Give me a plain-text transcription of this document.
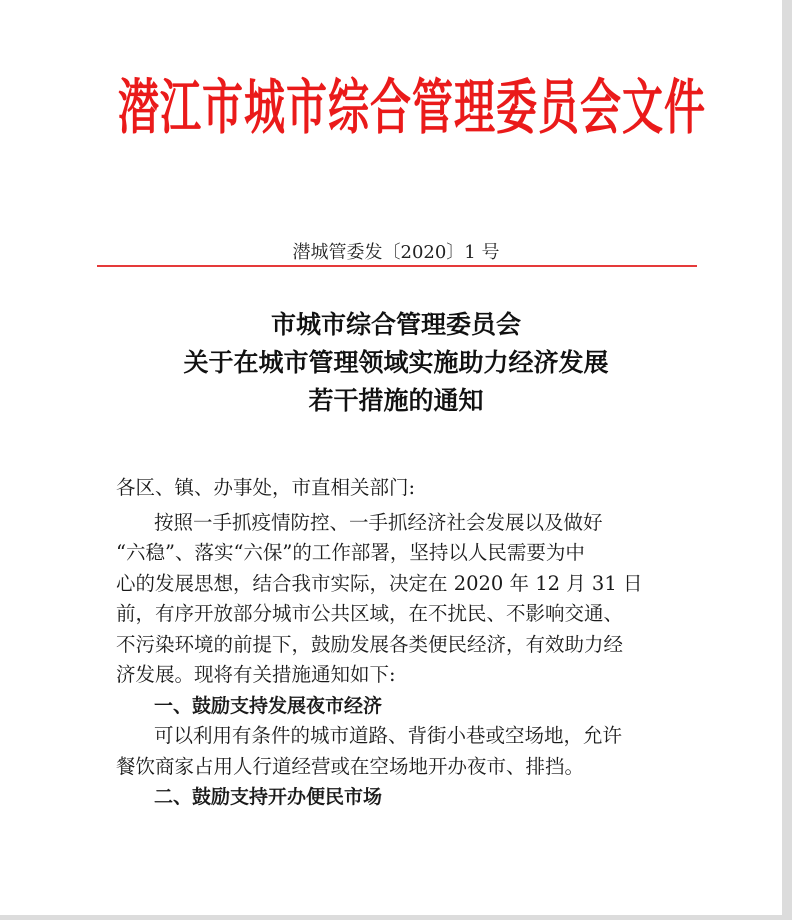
潜江市城市综合管理委员会文件
潜城管委发〔2020〕1 号
市城市综合管理委员会
关于在城市管理领域实施助力经济发展
若干措施的通知
各区、镇、办事处，市直相关部门:
按照一手抓疫情防控、一手抓经济社会发展以及做好
“六稳”、落实“六保”的工作部署，坚持以人民需要为中
心的发展思想，结合我市实际，决定在 2020 年 12 月 31 日
前，有序开放部分城市公共区域，在不扰民、不影响交通、
不污染环境的前提下，鼓励发展各类便民经济，有效助力经
济发展。现将有关措施通知如下:
一、鼓励支持发展夜市经济
可以利用有条件的城市道路、背街小巷或空场地，允许
餐饮商家占用人行道经营或在空场地开办夜市、排挡。
二、鼓励支持开办便民市场
